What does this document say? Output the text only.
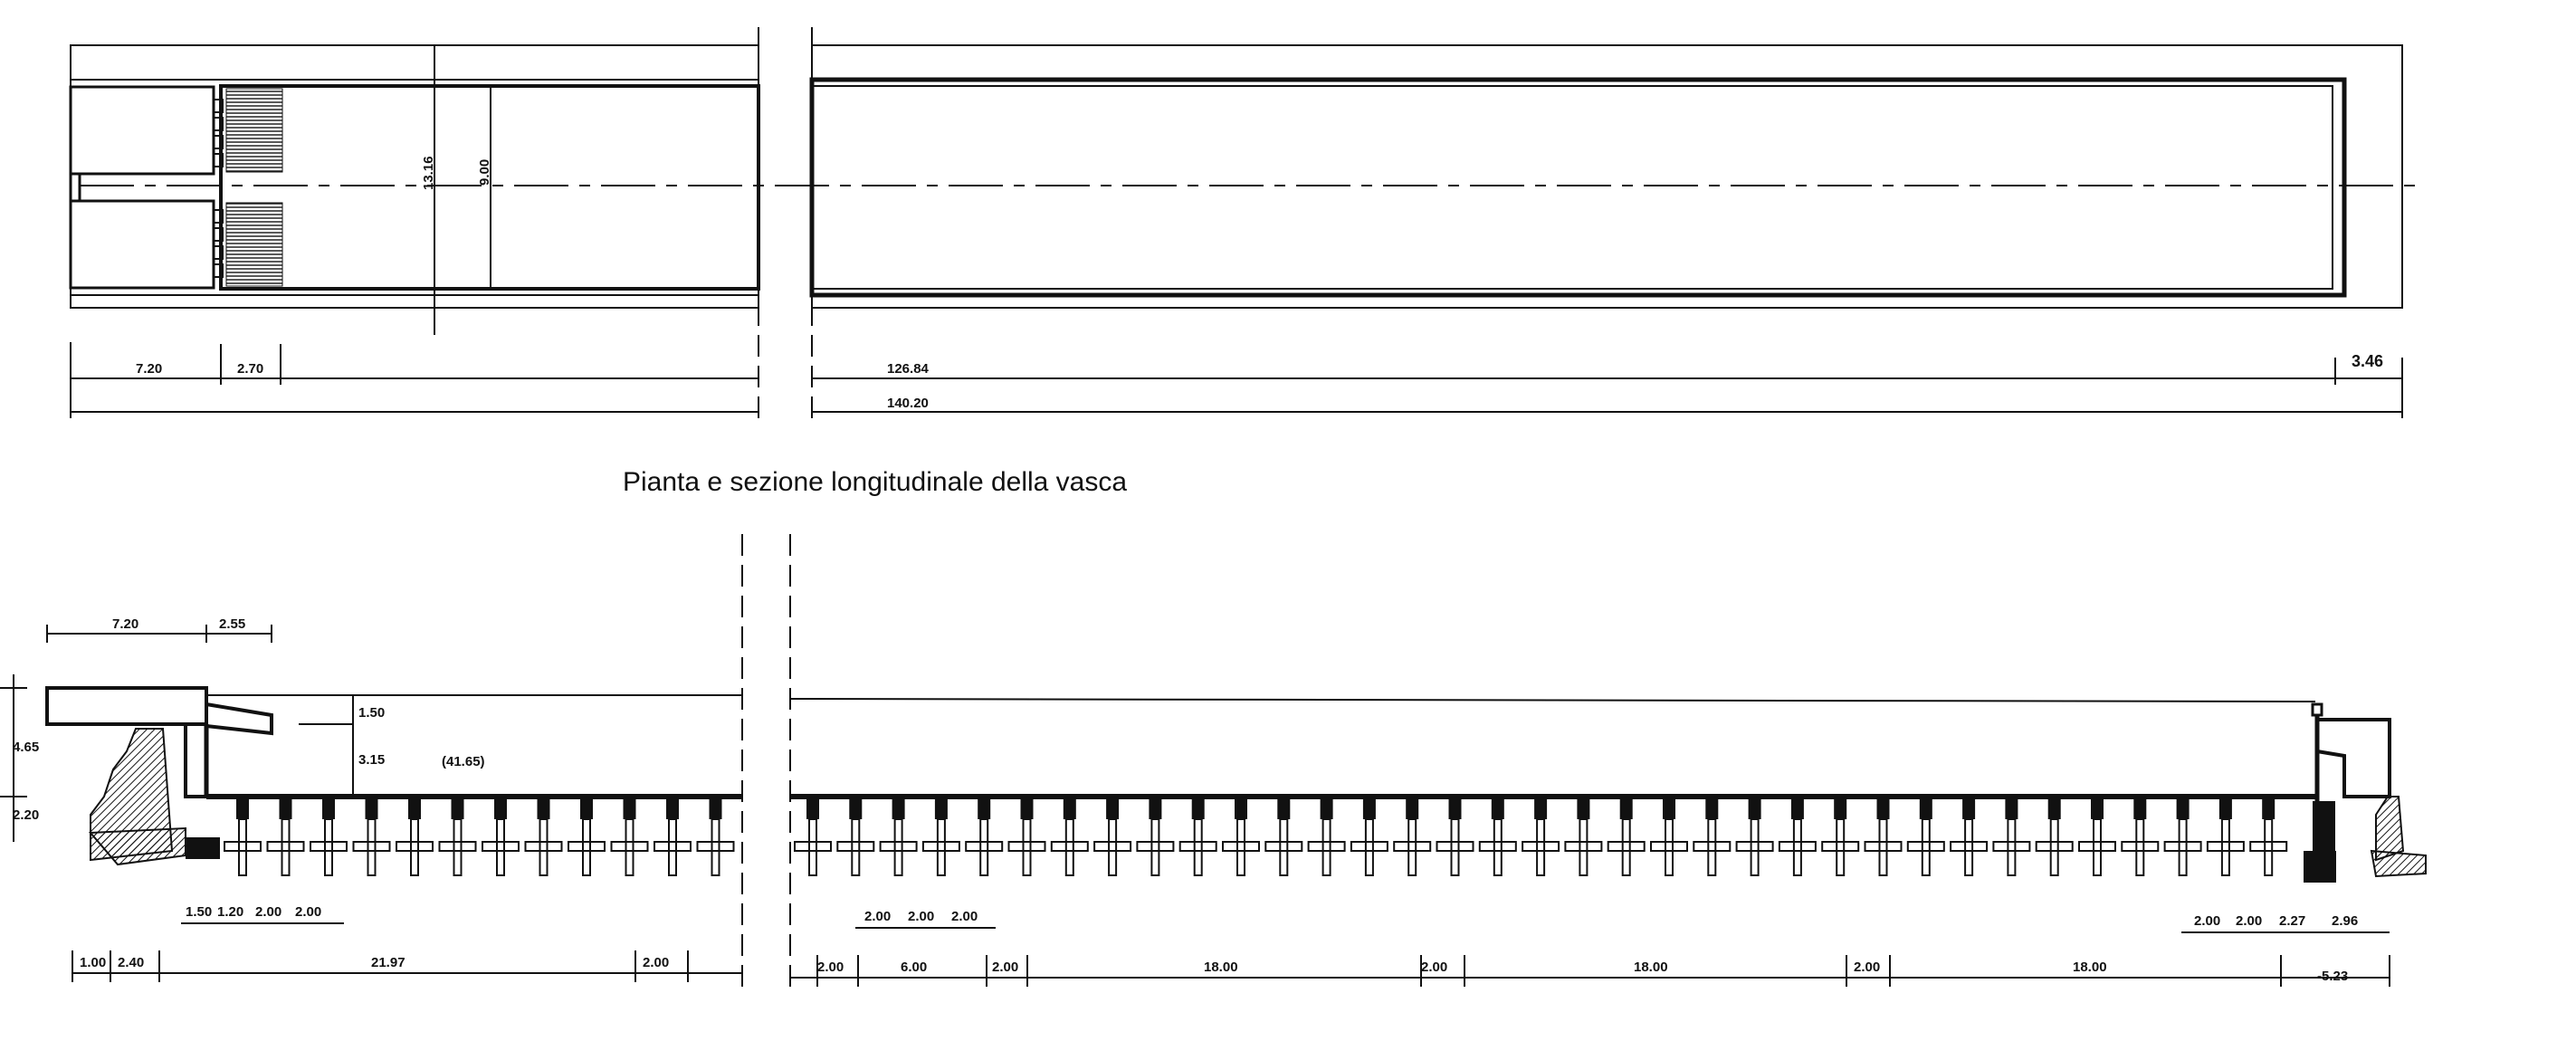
13.16	9.00
7.20	2.70	126.84	3.46
140.20
Pianta e sezione longitudinale della vasca
7.20	2.55
4.65
2.20
1.50
3.15	(41.65)
1.50 1.20 2.00 2.00	2.00 2.00 2.00	2.00 2.00 2.27 2.96
1.00 2.40	21.97	2.00	2.00	6.00	2.00	18.00	2.00	18.00	2.00	18.00
-5.23
